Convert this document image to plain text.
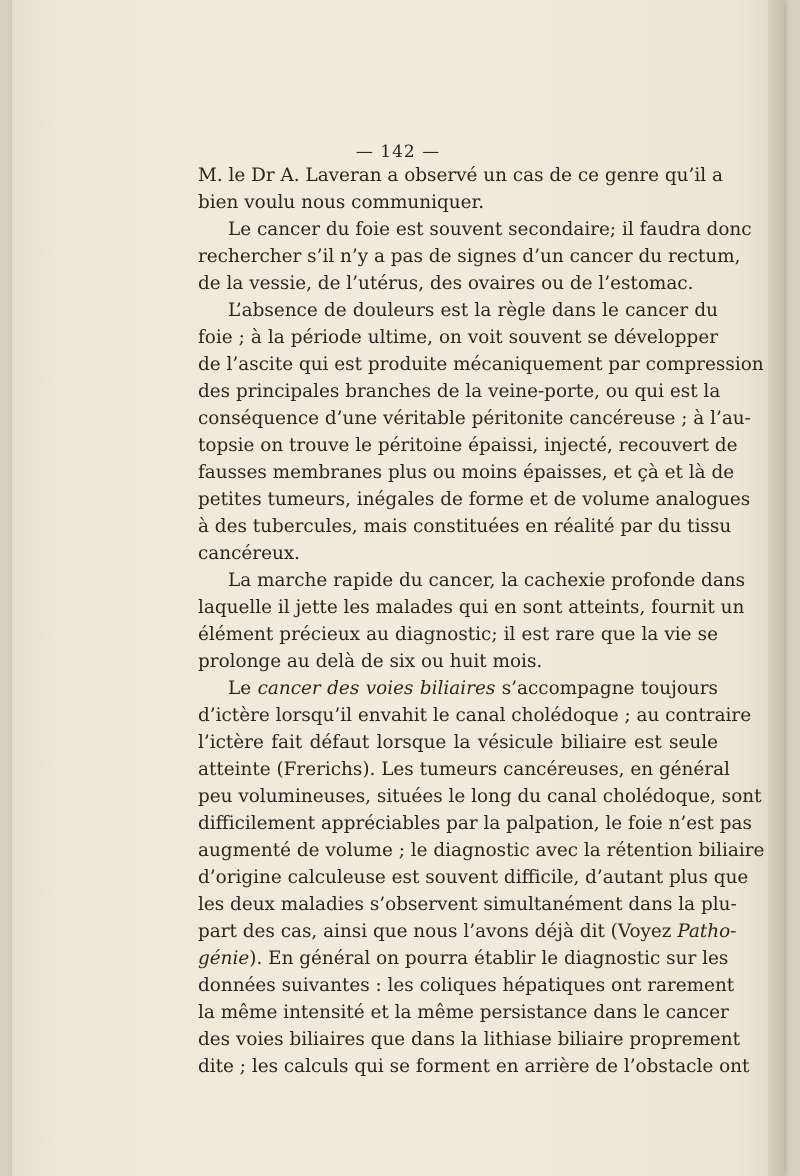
— 142 —
M. le Dr A. Laveran a observé un cas de ce genre qu’il a
bien voulu nous communiquer.
Le cancer du foie est souvent secondaire; il faudra donc
rechercher s’il n’y a pas de signes d’un cancer du rectum,
de la vessie, de l’utérus, des ovaires ou de l’estomac.
L’absence de douleurs est la règle dans le cancer du
foie ; à la période ultime, on voit souvent se développer
de l’ascite qui est produite mécaniquement par compression
des principales branches de la veine-porte, ou qui est la
conséquence d’une véritable péritonite cancéreuse ; à l’au-
topsie on trouve le péritoine épaissi, injecté, recouvert de
fausses membranes plus ou moins épaisses, et çà et là de
petites tumeurs, inégales de forme et de volume analogues
à des tubercules, mais constituées en réalité par du tissu
cancéreux.
La marche rapide du cancer, la cachexie profonde dans
laquelle il jette les malades qui en sont atteints, fournit un
élément précieux au diagnostic; il est rare que la vie se
prolonge au delà de six ou huit mois.
Le cancer des voies biliaires s’accompagne toujours
d’ictère lorsqu’il envahit le canal cholédoque ; au contraire
l’ictère fait défaut lorsque la vésicule biliaire est seule
atteinte (Frerichs). Les tumeurs cancéreuses, en général
peu volumineuses, situées le long du canal cholédoque, sont
difficilement appréciables par la palpation, le foie n’est pas
augmenté de volume ; le diagnostic avec la rétention biliaire
d’origine calculeuse est souvent difficile, d’autant plus que
les deux maladies s’observent simultanément dans la plu-
part des cas, ainsi que nous l’avons déjà dit (Voyez Patho-
génie). En général on pourra établir le diagnostic sur les
données suivantes : les coliques hépatiques ont rarement
la même intensité et la même persistance dans le cancer
des voies biliaires que dans la lithiase biliaire proprement
dite ; les calculs qui se forment en arrière de l’obstacle ont
